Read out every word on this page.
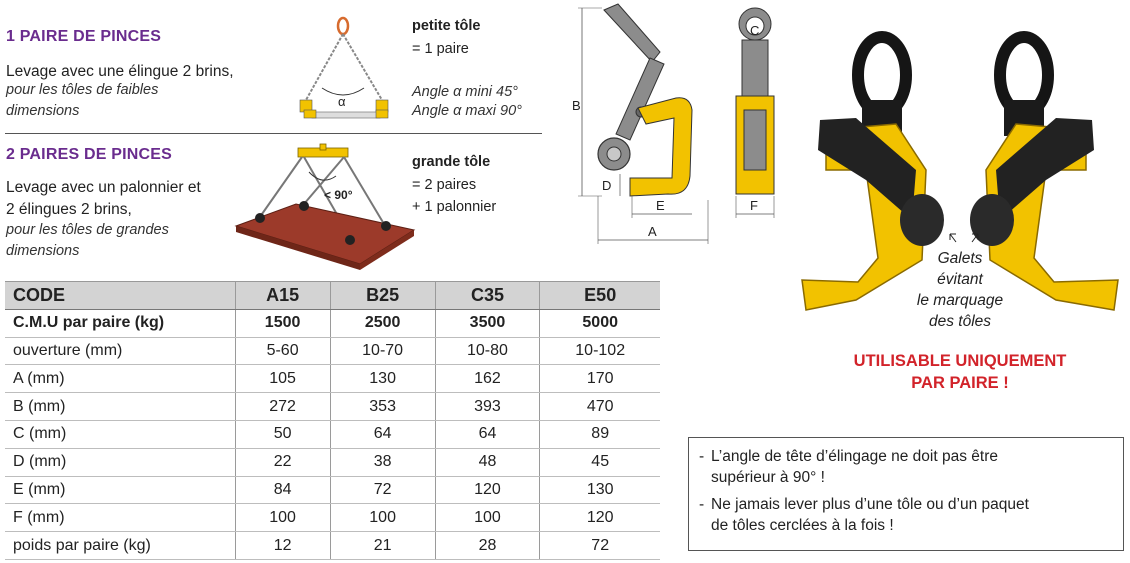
1 PAIRE DE PINCES
Levage avec une élingue 2 brins,
pour les tôles de faibles
dimensions
α
petite tôle
= 1 paire
Angle α mini 45°
Angle α maxi 90°
2 PAIRES DE PINCES
Levage avec un palonnier et
2 élingues 2 brins,
pour les tôles de grandes
dimensions
< 90°
grande tôle
= 2 paires
+ 1 palonnier
B
D
E
A
C
F
Galets
évitant
le marquage
des tôles
UTILISABLE UNIQUEMENT
PAR PAIRE !
- L’angle de tête d’élingage ne doit pas être
supérieur à 90° !
- Ne jamais lever plus d’une tôle ou d’un paquet
de tôles cerclées à la fois !
CODE	A15	B25	C35	E50
C.M.U par paire (kg)	1500	2500	3500	5000
ouverture (mm)	5-60	10-70	10-80	10-102
A (mm)	105	130	162	170
B (mm)	272	353	393	470
C (mm)	50	64	64	89
D (mm)	22	38	48	45
E (mm)	84	72	120	130
F (mm)	100	100	100	120
poids par paire (kg)	12	21	28	72
